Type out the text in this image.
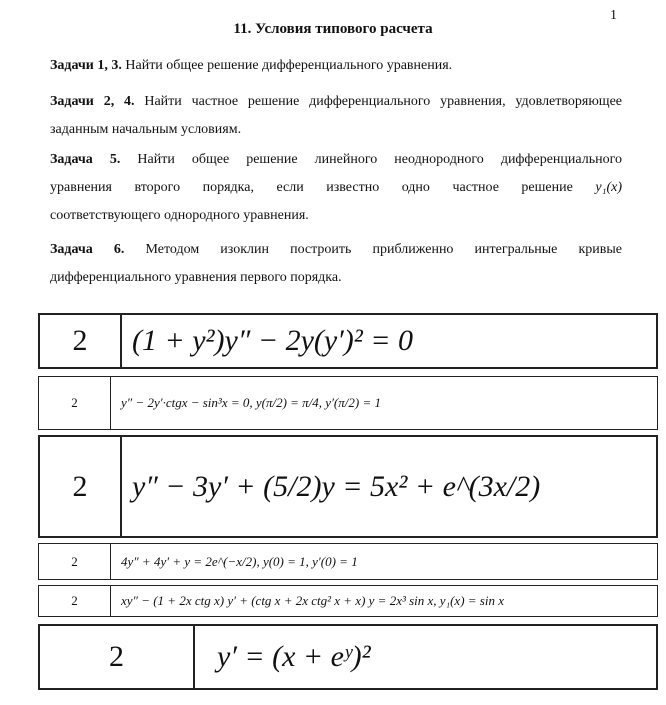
1
11. Условия типового расчета
Задачи 1, 3. Найти общее решение дифференциального уравнения.
Задачи 2, 4. Найти частное решение дифференциального уравнения, удовлетворяющее
заданным начальным условиям.
Задача 5. Найти общее решение линейного неоднородного дифференциального
уравнения второго порядка, если известно одно частное решение y₁(x)
соответствующего однородного уравнения.
Задача 6. Методом изоклин построить приближенно интегральные кривые
дифференциального уравнения первого порядка.
2	(1 + y²)y″ − 2y(y′)² = 0
2	y″ − 2y′·ctgx − sin³x = 0, y(π/2) = π/4, y′(π/2) = 1
2	y″ − 3y′ + (5/2)y = 5x² + e^(3x/2)
2	4y″ + 4y′ + y = 2e^(−x/2), y(0) = 1, y′(0) = 1
2	xy″ − (1 + 2x ctg x) y′ + (ctg x + 2x ctg² x + x) y = 2x³ sin x, y₁(x) = sin x
2	y′ = (x + eʸ)²
